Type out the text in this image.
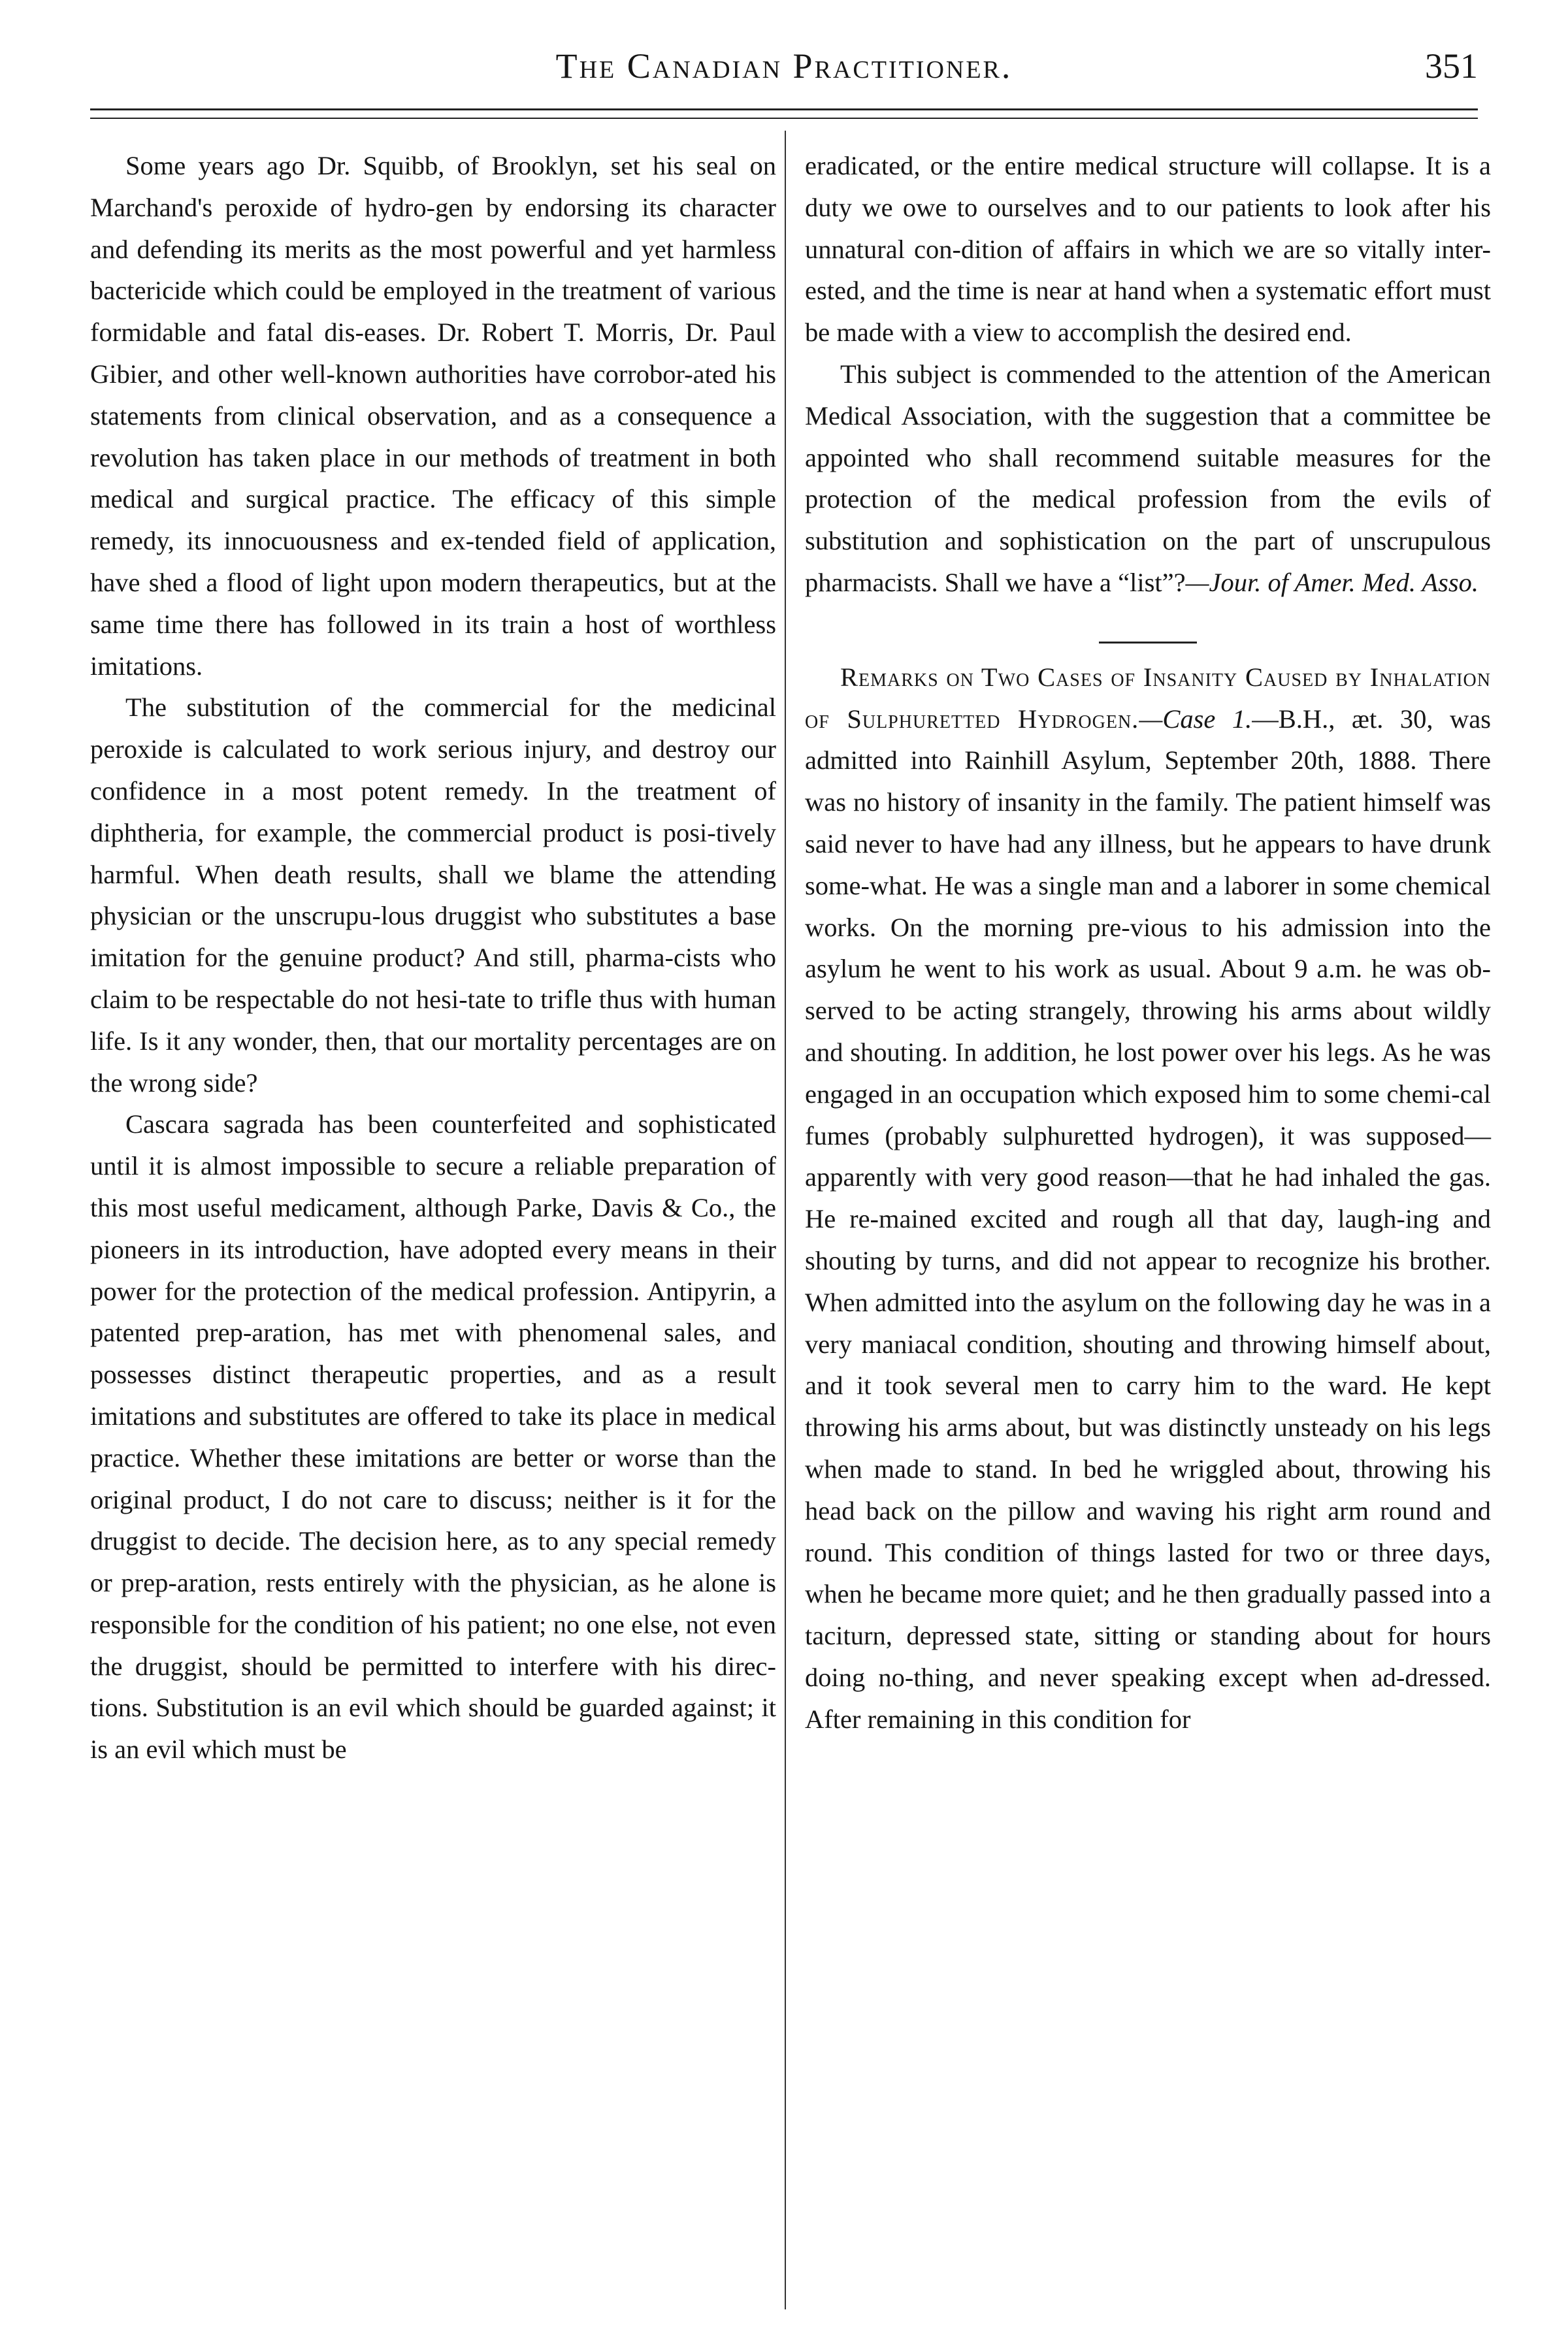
The Canadian Practitioner.	351

Some years ago Dr. Squibb, of Brooklyn, set his seal on Marchand's peroxide of hydro-gen by endorsing its character and defending its merits as the most powerful and yet harmless bactericide which could be employed in the treatment of various formidable and fatal dis-eases. Dr. Robert T. Morris, Dr. Paul Gibier, and other well-known authorities have corrobor-ated his statements from clinical observation, and as a consequence a revolution has taken place in our methods of treatment in both medical and surgical practice. The efficacy of this simple remedy, its innocuousness and ex-tended field of application, have shed a flood of light upon modern therapeutics, but at the same time there has followed in its train a host of worthless imitations.

The substitution of the commercial for the medicinal peroxide is calculated to work serious injury, and destroy our confidence in a most potent remedy. In the treatment of diphtheria, for example, the commercial product is posi-tively harmful. When death results, shall we blame the attending physician or the unscrupu-lous druggist who substitutes a base imitation for the genuine product? And still, pharma-cists who claim to be respectable do not hesi-tate to trifle thus with human life. Is it any wonder, then, that our mortality percentages are on the wrong side?

Cascara sagrada has been counterfeited and sophisticated until it is almost impossible to secure a reliable preparation of this most useful medicament, although Parke, Davis & Co., the pioneers in its introduction, have adopted every means in their power for the protection of the medical profession. Antipyrin, a patented prep-aration, has met with phenomenal sales, and possesses distinct therapeutic properties, and as a result imitations and substitutes are offered to take its place in medical practice. Whether these imitations are better or worse than the original product, I do not care to discuss; neither is it for the druggist to decide. The decision here, as to any special remedy or prep-aration, rests entirely with the physician, as he alone is responsible for the condition of his patient; no one else, not even the druggist, should be permitted to interfere with his direc-tions. Substitution is an evil which should be guarded against; it is an evil which must be

eradicated, or the entire medical structure will collapse. It is a duty we owe to ourselves and to our patients to look after his unnatural con-dition of affairs in which we are so vitally inter-ested, and the time is near at hand when a systematic effort must be made with a view to accomplish the desired end.

This subject is commended to the attention of the American Medical Association, with the suggestion that a committee be appointed who shall recommend suitable measures for the protection of the medical profession from the evils of substitution and sophistication on the part of unscrupulous pharmacists. Shall we have a “list”?—Jour. of Amer. Med. Asso.

Remarks on Two Cases of Insanity Caused by Inhalation of Sulphuretted Hydrogen.—Case 1.—B.H., æt. 30, was admitted into Rainhill Asylum, September 20th, 1888. There was no history of insanity in the family. The patient himself was said never to have had any illness, but he appears to have drunk some-what. He was a single man and a laborer in some chemical works. On the morning pre-vious to his admission into the asylum he went to his work as usual. About 9 a.m. he was ob-served to be acting strangely, throwing his arms about wildly and shouting. In addition, he lost power over his legs. As he was engaged in an occupation which exposed him to some chemi-cal fumes (probably sulphuretted hydrogen), it was supposed—apparently with very good reason—that he had inhaled the gas. He re-mained excited and rough all that day, laugh-ing and shouting by turns, and did not appear to recognize his brother. When admitted into the asylum on the following day he was in a very maniacal condition, shouting and throwing himself about, and it took several men to carry him to the ward. He kept throwing his arms about, but was distinctly unsteady on his legs when made to stand. In bed he wriggled about, throwing his head back on the pillow and waving his right arm round and round. This condition of things lasted for two or three days, when he became more quiet; and he then gradually passed into a taciturn, depressed state, sitting or standing about for hours doing no-thing, and never speaking except when ad-dressed. After remaining in this condition for
